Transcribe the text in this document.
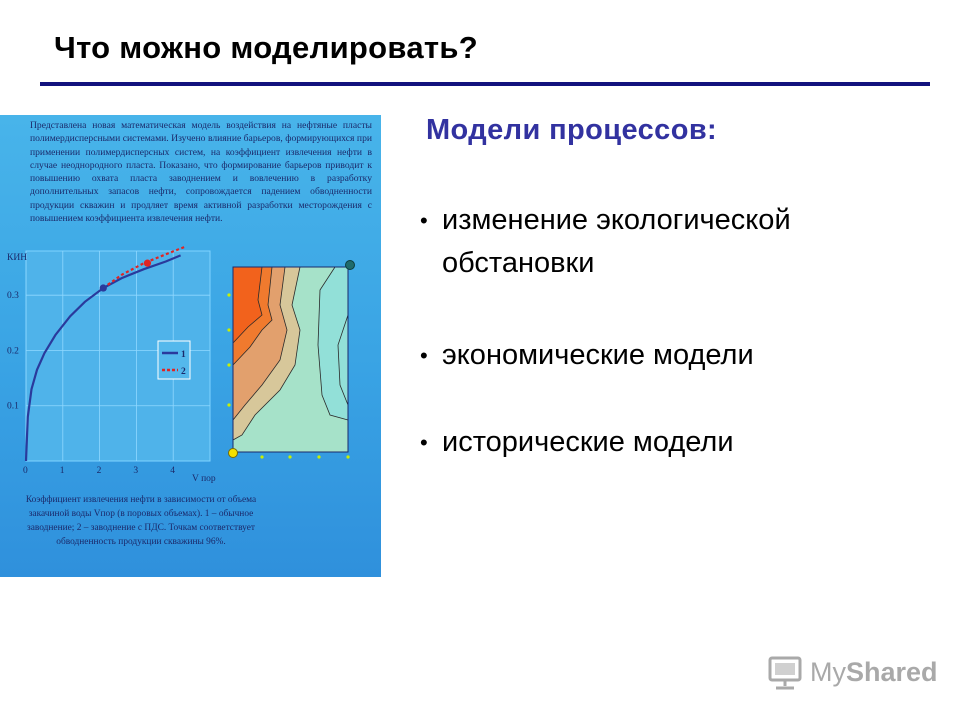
Что можно моделировать?
1
2
КИН
V пор
0	1	2	3	4
0.1
0.2
0.3
Представлена новая математическая модель воздействия на нефтяные пласты полимердисперсными системами. Изучено влияние барьеров, формирующихся при применении полимердисперсных систем, на коэффициент извлечения нефти в случае неоднородного пласта. Показано, что формирование барьеров приводит к повышению охвата пласта заводнением и вовлечению в разработку дополнительных запасов нефти, сопровождается падением обводненности продукции скважин и продляет время активной разработки месторождения с повышением коэффициента извлечения нефти.
Коэффициент извлечения нефти в зависимости от объема закачиной воды Vпор (в поровых объемах). 1 – обычное заводнение; 2 – заводнение с ПДС. Точкам соответствует обводненность продукции скважины 96%.
Модели процессов:
• изменение экологической
обстановки
• экономические модели
• исторические модели
MyShared
